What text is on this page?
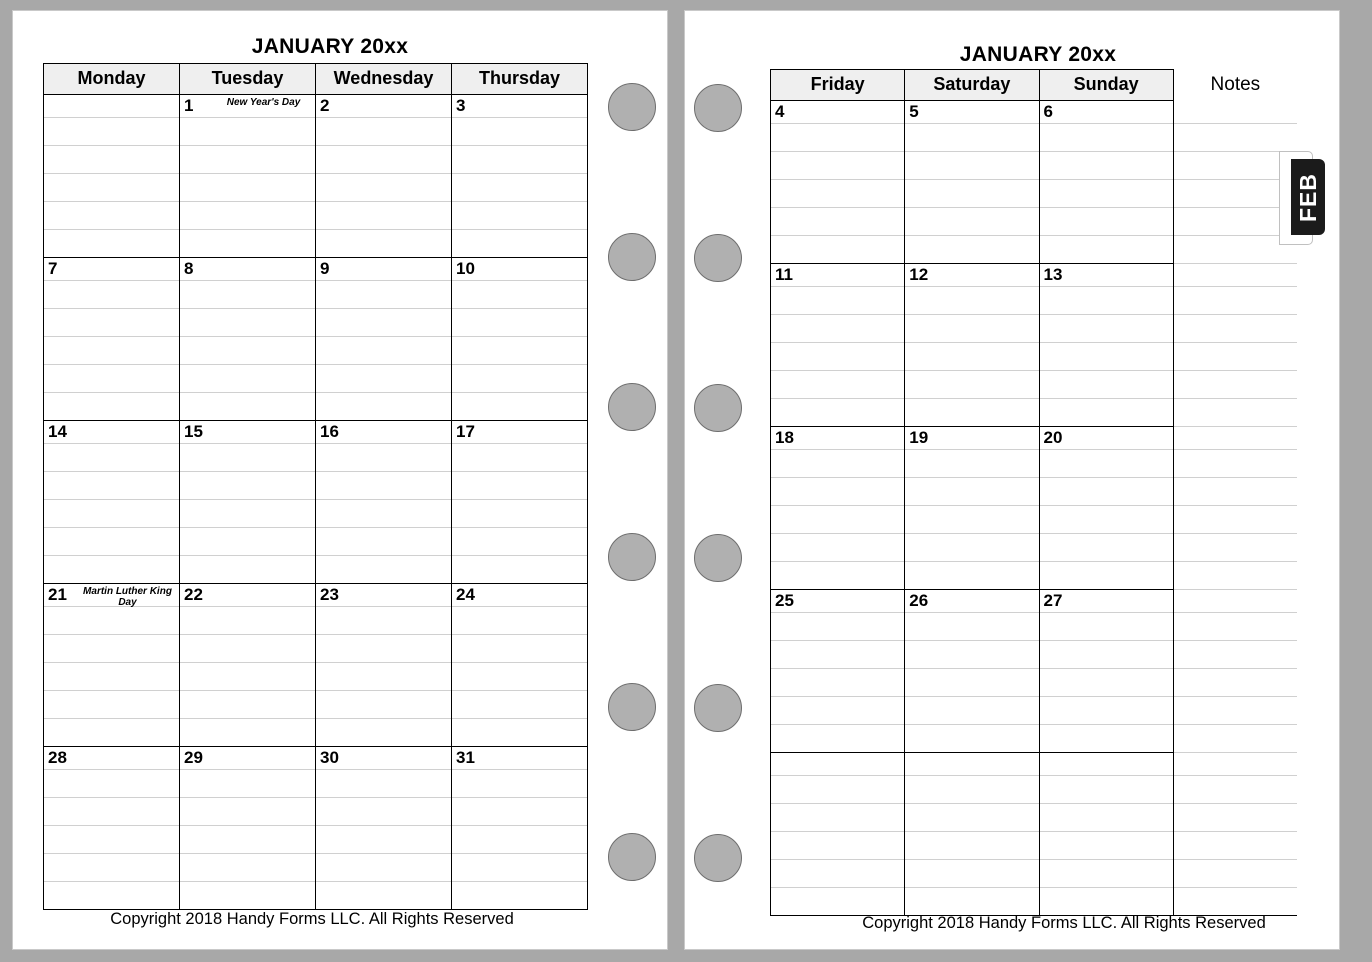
JANUARY 20xx
Monday	Tuesday	Wednesday	Thursday
	1 New Year's Day	2	3

7	8	9	10

14	15	16	17

21 Martin Luther King Day	22	23	24

28	29	30	31

Copyright 2018 Handy Forms LLC. All Rights Reserved
JANUARY 20xx
Friday	Saturday	Sunday	Notes
4	5	6	

11	12	13	

18	19	20	

25	26	27	

FEB
Copyright 2018 Handy Forms LLC. All Rights Reserved
